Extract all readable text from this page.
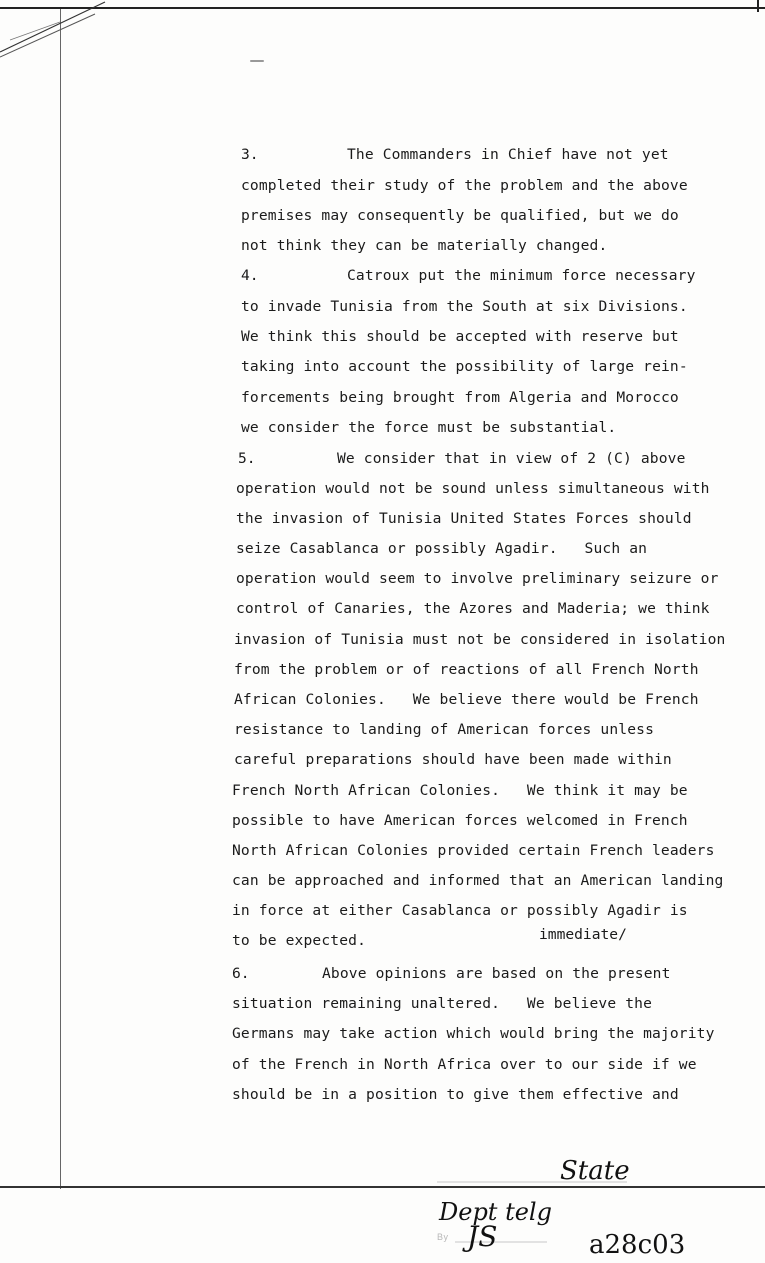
3.	The Commanders in Chief have not yet
completed their study of the problem and the above
premises may consequently be qualified, but we do
not think they can be materially changed.
4.	Catroux put the minimum force necessary
to invade Tunisia from the South at six Divisions.
We think this should be accepted with reserve but
taking into account the possibility of large rein-
forcements being brought from Algeria and Morocco
we consider the force must be substantial.
5.	We consider that in view of 2 (C) above
operation would not be sound unless simultaneous with
the invasion of Tunisia United States Forces should
seize Casablanca or possibly Agadir.   Such an
operation would seem to involve preliminary seizure or
control of Canaries, the Azores and Maderia; we think
invasion of Tunisia must not be considered in isolation
from the problem or of reactions of all French North
African Colonies.   We believe there would be French
resistance to landing of American forces unless
careful preparations should have been made within
French North African Colonies.   We think it may be
possible to have American forces welcomed in French
North African Colonies provided certain French leaders
can be approached and informed that an American landing
in force at either Casablanca or possibly Agadir is
to be expected.
6.	Above opinions are based on the present
situation remaining unaltered.   We believe the
Germans may take action which would bring the majority
of the French in North Africa over to our side if we
should be in a position to give them effective and
immediate/
State
Dept telg
By JS	a28c03
